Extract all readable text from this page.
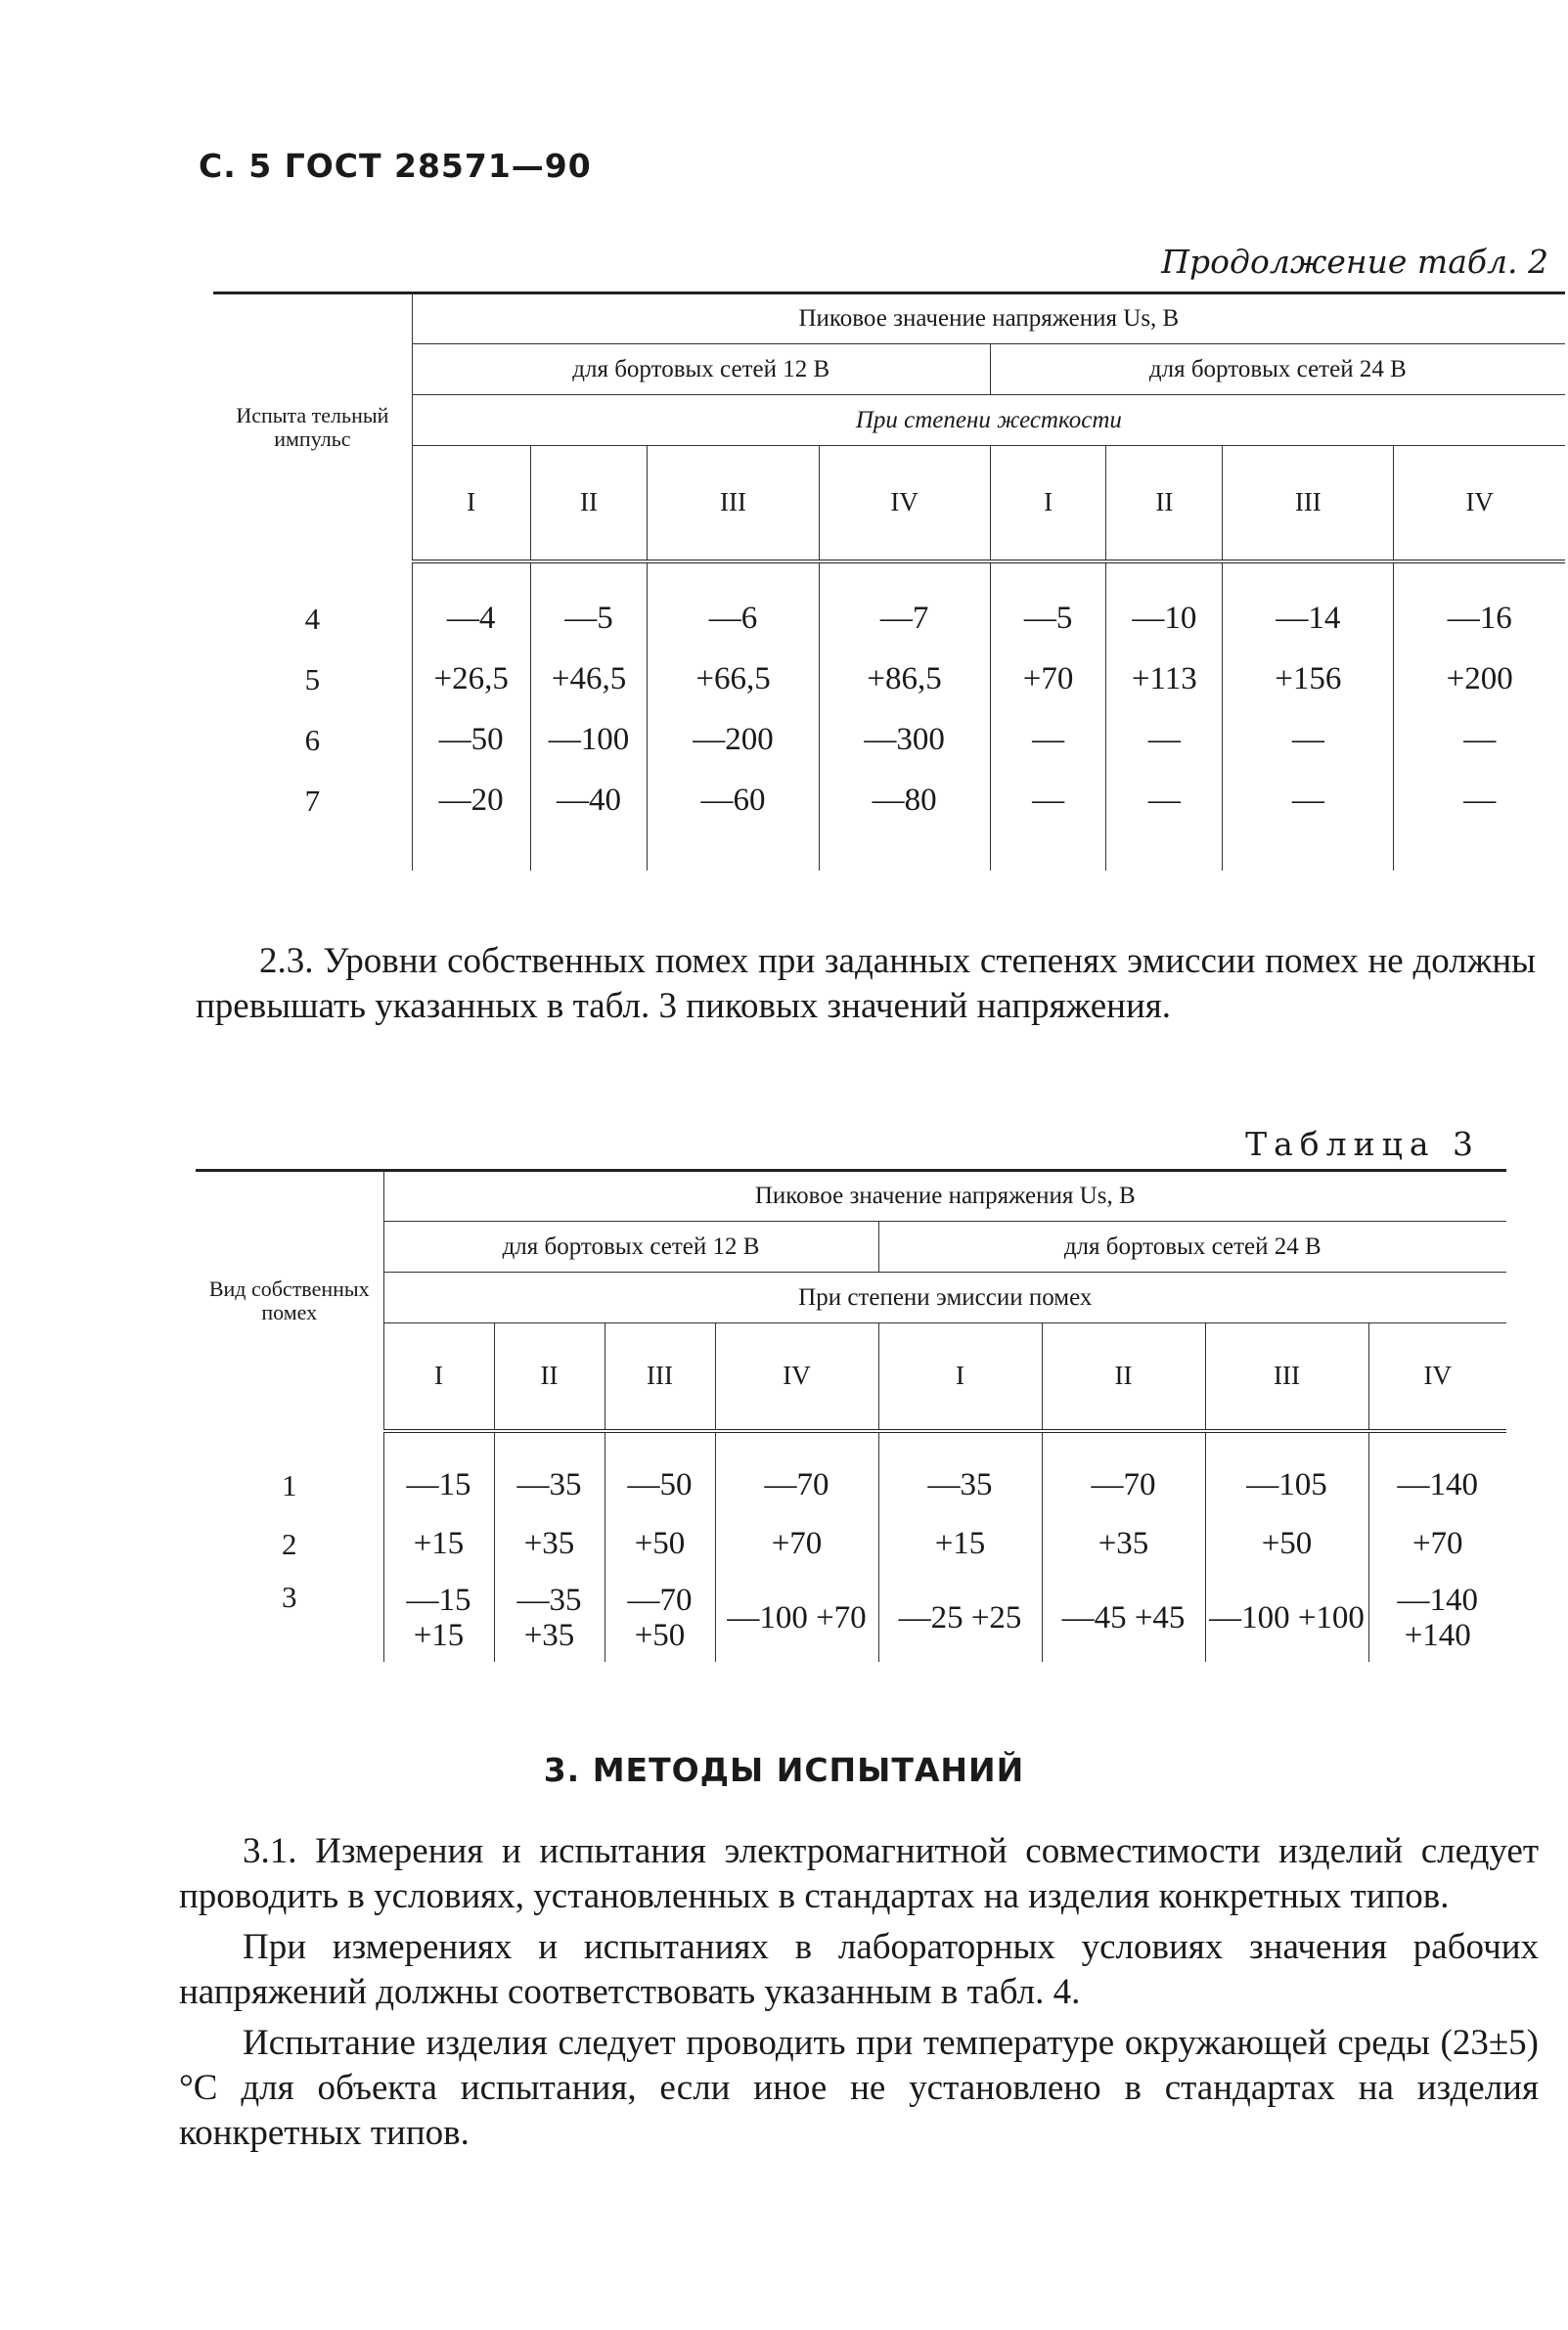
С. 5 ГОСТ 28571—90
Продолжение табл. 2
Испыта тельный импульс	Пиковое значение напряжения Us, В							
	для бортовых сетей 12 В				для бортовых сетей 24 В			
	При степени жесткости							
	I	II	III	IV	I	II	III	IV

4	—4	—5	—6	—7	—5	—10	—14	—16
5	+26,5	+46,5	+66,5	+86,5	+70	+113	+156	+200
6	—50	—100	—200	—300	—	—	—	—
7	—20	—40	—60	—80	—	—	—	—

2.3. Уровни собственных помех при заданных степенях эмиссии помех не должны превышать указанных в табл. 3 пиковых значений напряжения.

Таблица 3
Вид собственных помех	Пиковое значение напряжения Us, В							
	для бортовых сетей 12 В				для бортовых сетей 24 В			
	При степени эмиссии помех							
	I	II	III	IV	I	II	III	IV

1	—15	—35	—50	—70	—35	—70	—105	—140
2	+15	+35	+50	+70	+15	+35	+50	+70
3	—15 +15	—35 +35	—70 +50	—100 +70	—25 +25	—45 +45	—100 +100	—140 +140
3. МЕТОДЫ ИСПЫТАНИЙ

3.1. Измерения и испытания электромагнитной совместимости изделий следует проводить в условиях, установленных в стандартах на изделия конкретных типов.

При измерениях и испытаниях в лабораторных условиях значения рабочих напряжений должны соответствовать указанным в табл. 4.

Испытание изделия следует проводить при температуре окружающей среды (23±5)°C для объекта испытания, если иное не установлено в стандартах на изделия конкретных типов.
